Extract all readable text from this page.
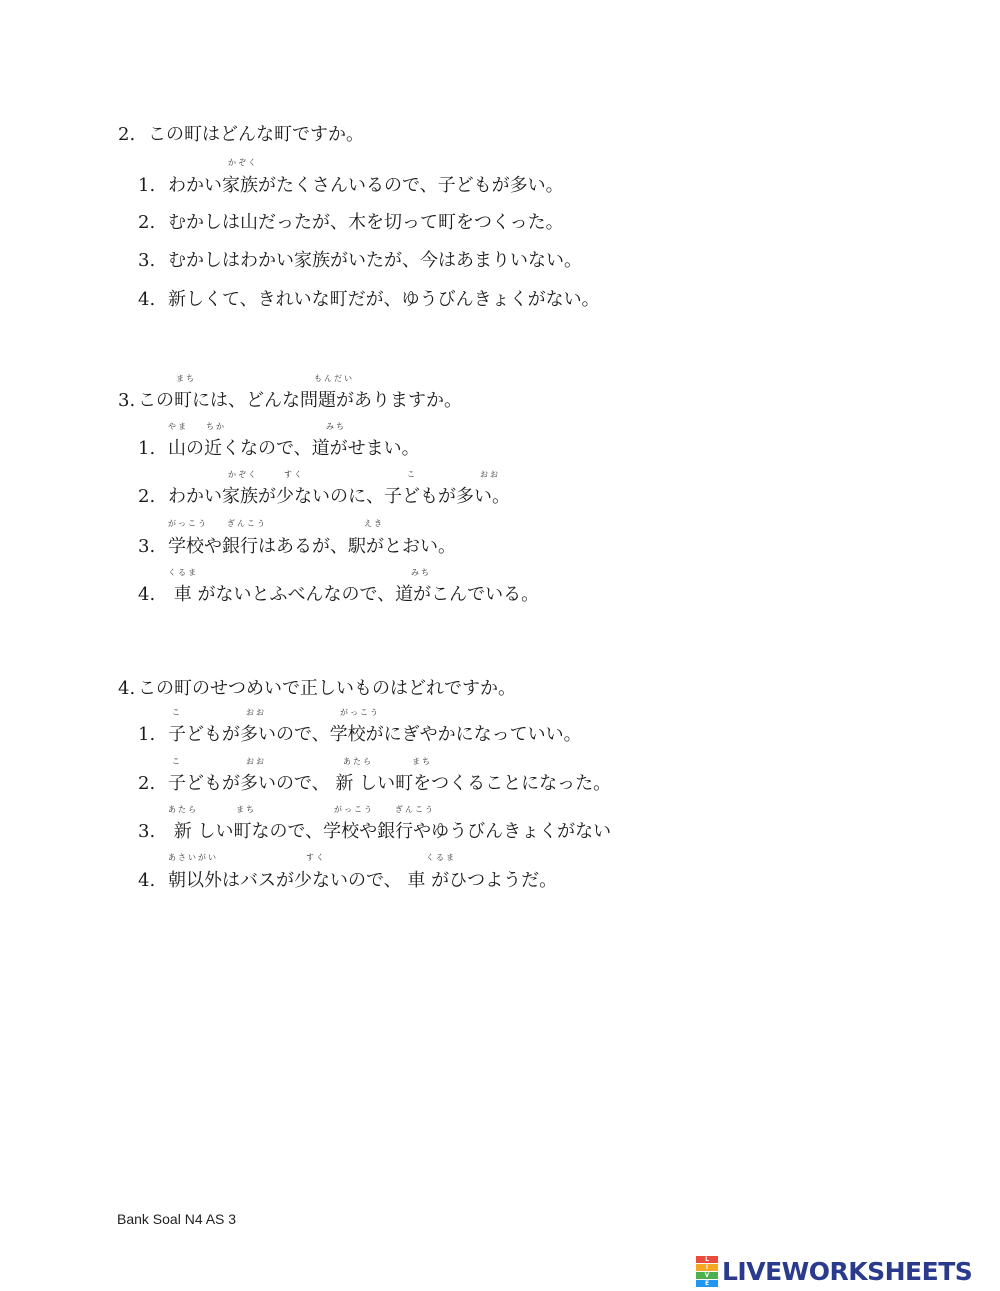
2. この町はどんな町ですか。
かぞく
1. わかい家族がたくさんいるので、子どもが多い。
2. むかしは山だったが、木を切って町をつくった。
3. むかしはわかい家族がいたが、今はあまりいない。
4. 新しくて、きれいな町だが、ゆうびんきょくがない。
まち	もんだい
3. この町には、どんな問題がありますか。
やま ちか	みち
1. 山の近くなので、道がせまい。
かぞく	すく	こ	おお
2. わかい家族が少ないのに、子どもが多い。
がっこう ぎんこう	えき
3. 学校や銀行はあるが、駅がとおい。
くるま	みち
4. 車 がないとふべんなので、道がこんでいる。
4. この町のせつめいで正しいものはどれですか。
こ	おお	がっこう
1. 子どもが多いので、学校がにぎやかになっていい。
こ	おお	あたら	まち
2. 子どもが多いので、 新 しい町をつくることになった。
あたら	まち	がっこう	ぎんこう
3. 新 しい町なので、学校や銀行やゆうびんきょくがない
あさいがい	すく	くるま
4. 朝以外はバスが少ないので、 車 がひつようだ。
Bank Soal N4 AS 3
L
I
V
E LIVEWORKSHEETS
